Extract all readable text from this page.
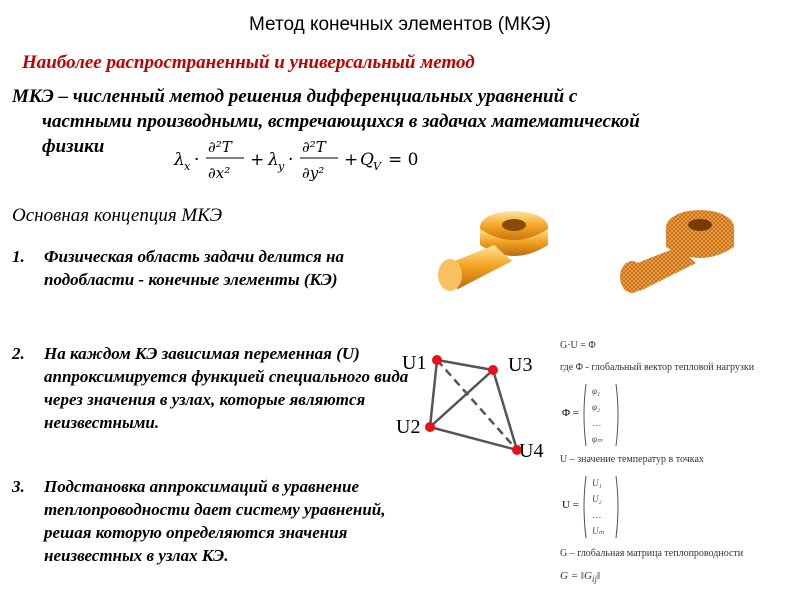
Метод конечных элементов (МКЭ)
Наиболее распространенный и универсальный метод
МКЭ – численный метод решения дифференциальных уравнений с
частными производными, встречающихся в задачах математической
физики
λ x ·
∂²T
∂x²
+ λ y ·
∂²T
∂y²
+ Q V = 0
Основная концепция МКЭ
1. Физическая область задачи делится на подобласти - конечные элементы (КЭ)
2. На каждом КЭ зависимая переменная (U) аппроксимируется функцией специального вида через значения в узлах, которые являются неизвестными.
3. Подстановка аппроксимаций в уравнение теплопроводности дает систему уравнений, решая которую определяются значения неизвестных в узлах КЭ.
U1	U3
U2
U4
G·U = Φ
где Φ - глобальный вектор тепловой нагрузки
Φ =
φ₁
φ₂
…
φₘ
U – значение температур в точках
U =
U₁
U₂
…
Uₘ
G – глобальная матрица теплопроводности
$G = ‖G_{ij}‖$
